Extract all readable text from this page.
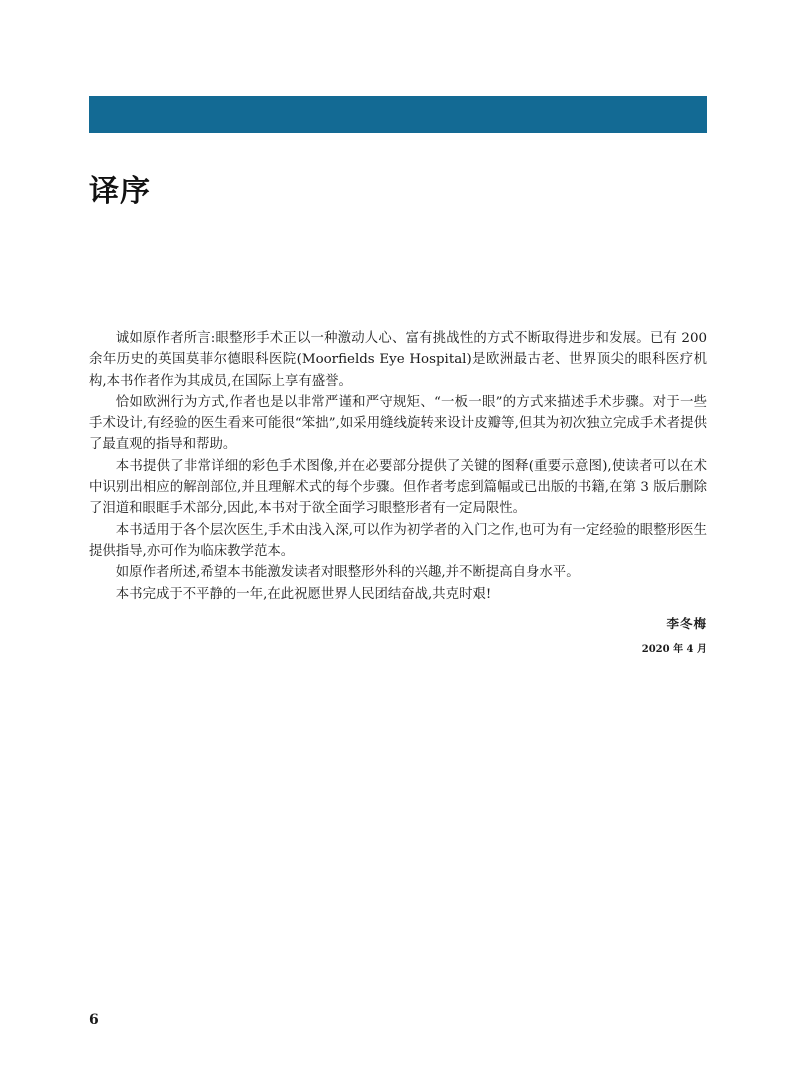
译序

诚如原作者所言:眼整形手术正以一种激动人心、富有挑战性的方式不断取得进步和发展。已有 200 余年历史的英国莫菲尔德眼科医院(Moorfields Eye Hospital)是欧洲最古老、世界顶尖的眼科医疗机构,本书作者作为其成员,在国际上享有盛誉。

恰如欧洲行为方式,作者也是以非常严谨和严守规矩、“一板一眼”的方式来描述手术步骤。对于一些手术设计,有经验的医生看来可能很“笨拙”,如采用缝线旋转来设计皮瓣等,但其为初次独立完成手术者提供了最直观的指导和帮助。

本书提供了非常详细的彩色手术图像,并在必要部分提供了关键的图释(重要示意图),使读者可以在术中识别出相应的解剖部位,并且理解术式的每个步骤。但作者考虑到篇幅或已出版的书籍,在第 3 版后删除了泪道和眼眶手术部分,因此,本书对于欲全面学习眼整形者有一定局限性。

本书适用于各个层次医生,手术由浅入深,可以作为初学者的入门之作,也可为有一定经验的眼整形医生提供指导,亦可作为临床教学范本。

如原作者所述,希望本书能激发读者对眼整形外科的兴趣,并不断提高自身水平。

本书完成于不平静的一年,在此祝愿世界人民团结奋战,共克时艰!

李冬梅
2020 年 4 月
6
